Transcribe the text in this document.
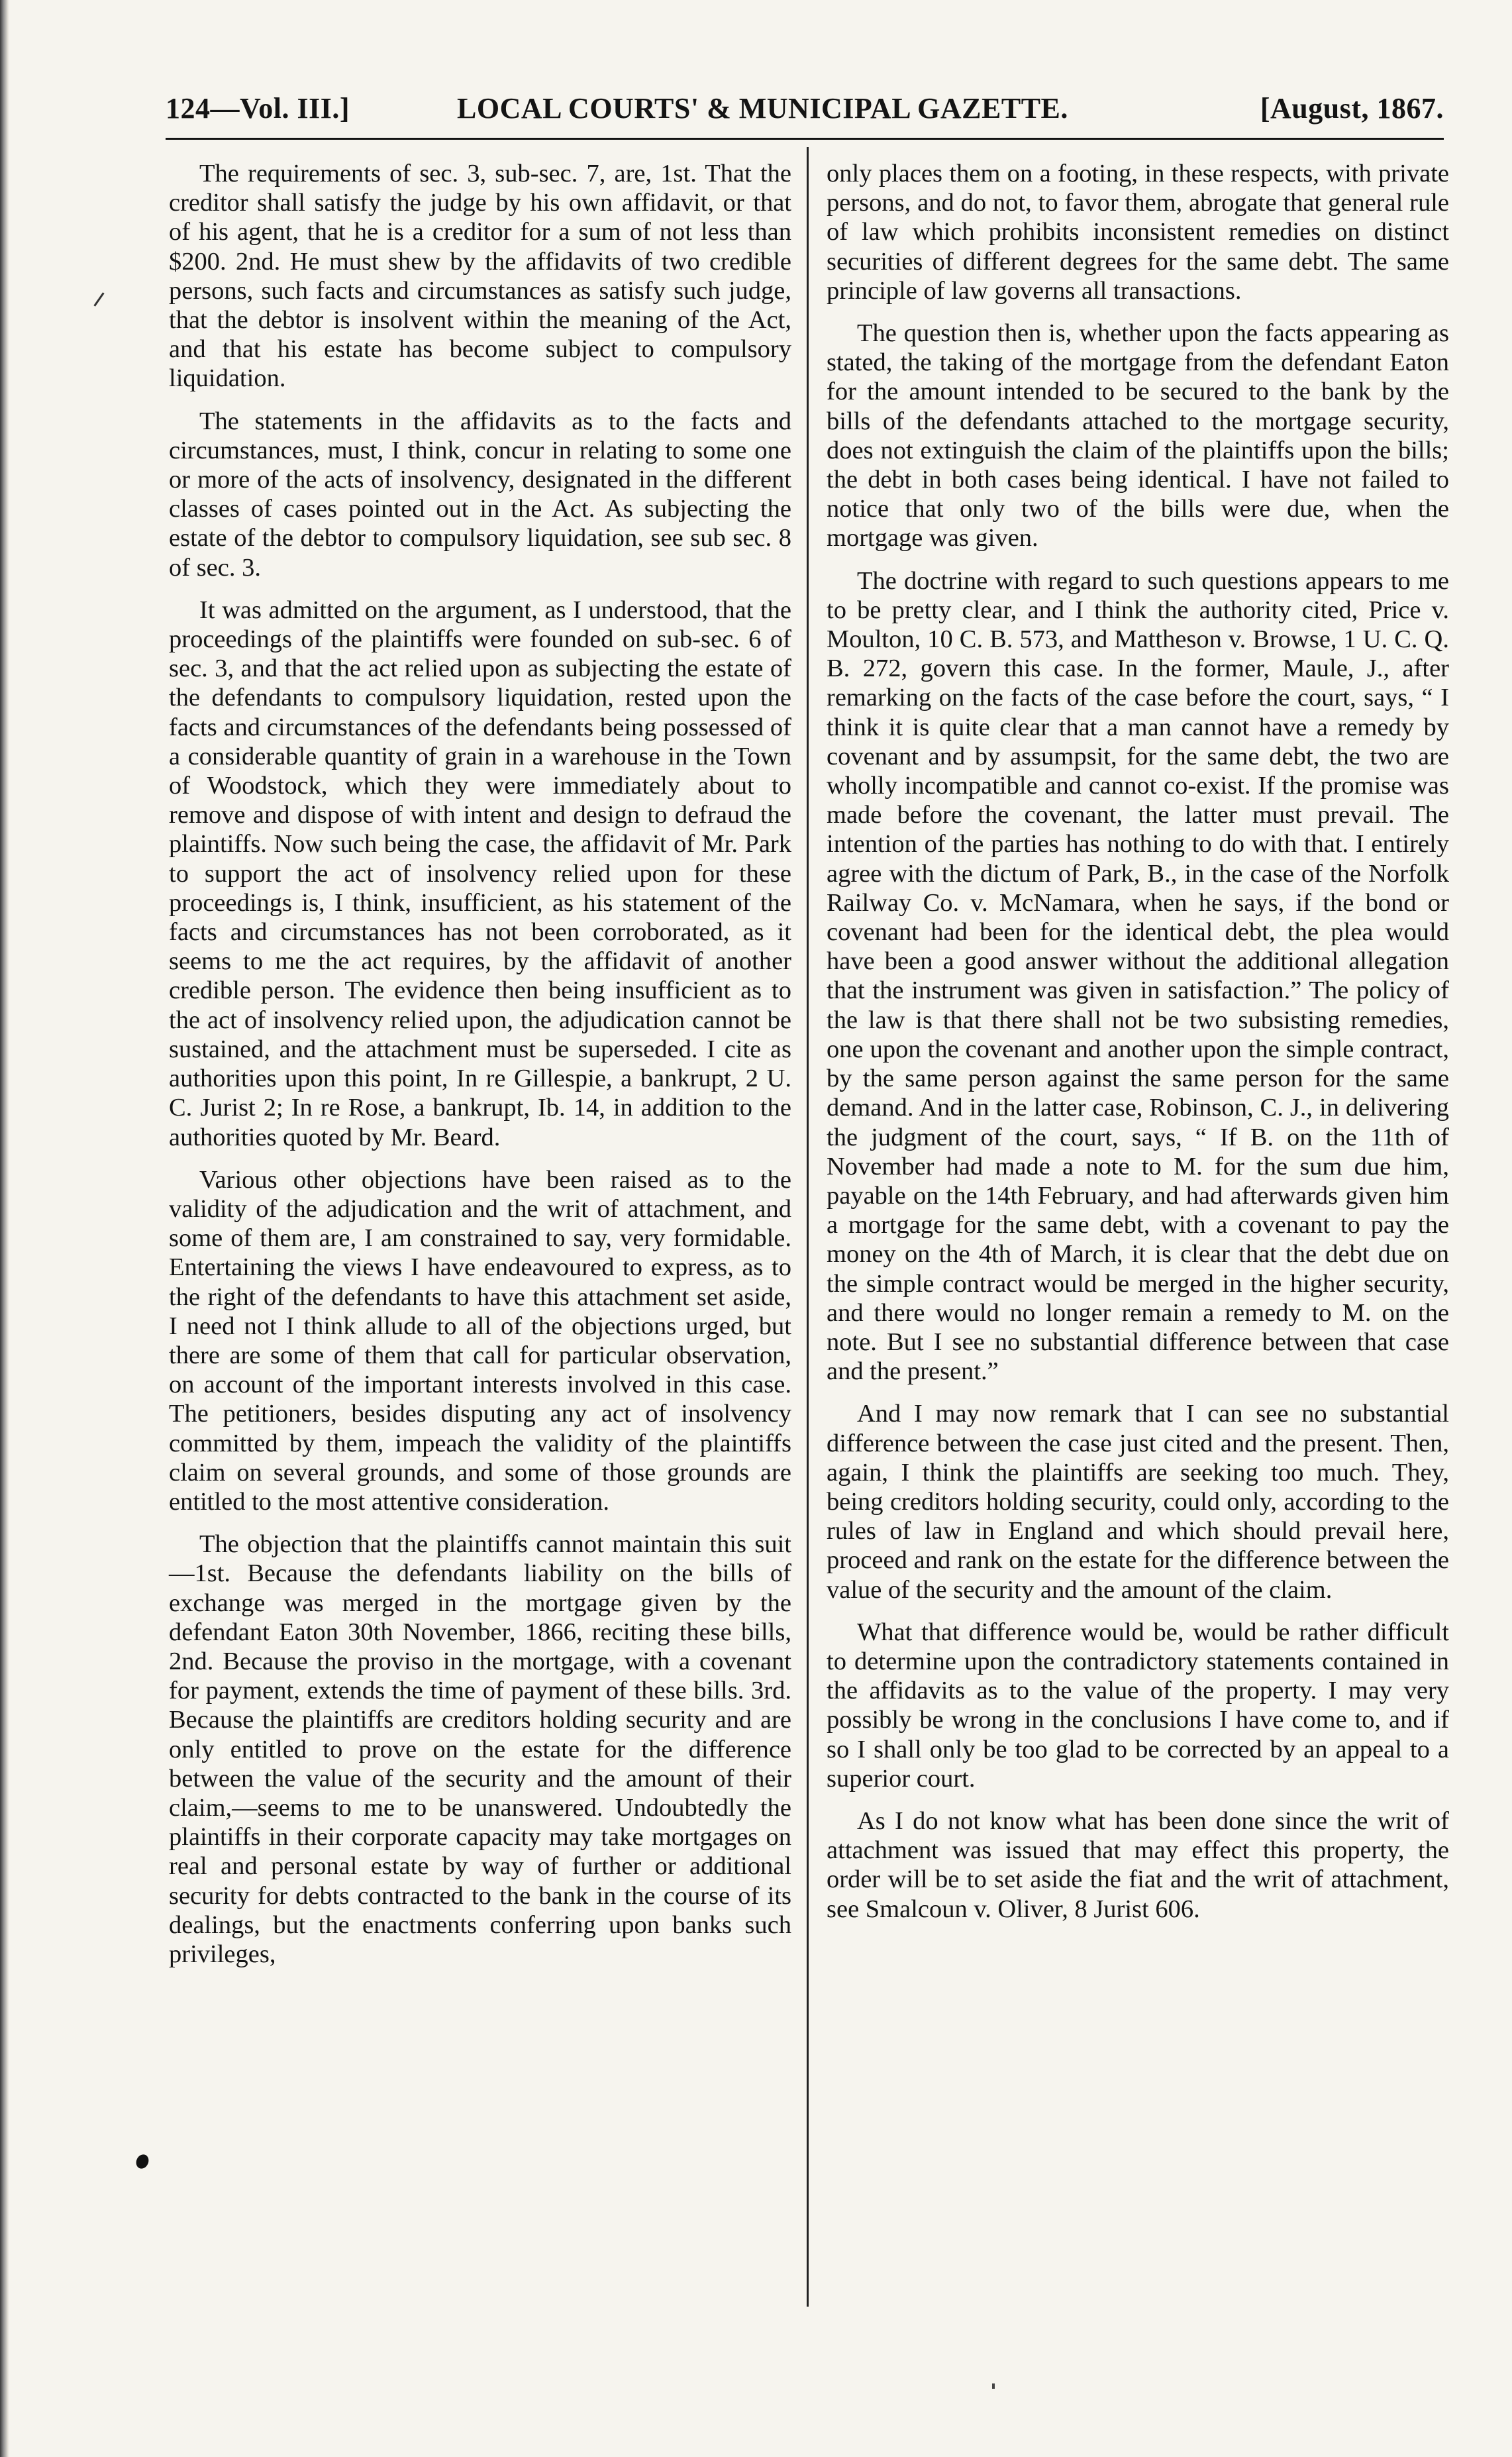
124—Vol. III.]	LOCAL COURTS' & MUNICIPAL GAZETTE.	[August, 1867.

The requirements of sec. 3, sub-sec. 7, are, 1st. That the creditor shall satisfy the judge by his own affidavit, or that of his agent, that he is a creditor for a sum of not less than $200. 2nd. He must shew by the affidavits of two credible persons, such facts and circumstances as satisfy such judge, that the debtor is insolvent within the meaning of the Act, and that his estate has become subject to compulsory liquidation.

The statements in the affidavits as to the facts and circumstances, must, I think, concur in relating to some one or more of the acts of insolvency, designated in the different classes of cases pointed out in the Act. As subjecting the estate of the debtor to compulsory liquidation, see sub sec. 8 of sec. 3.

It was admitted on the argument, as I understood, that the proceedings of the plaintiffs were founded on sub-sec. 6 of sec. 3, and that the act relied upon as subjecting the estate of the defendants to compulsory liquidation, rested upon the facts and circumstances of the defendants being possessed of a considerable quantity of grain in a warehouse in the Town of Woodstock, which they were immediately about to remove and dispose of with intent and design to defraud the plaintiffs. Now such being the case, the affidavit of Mr. Park to support the act of insolvency relied upon for these proceedings is, I think, insufficient, as his statement of the facts and circumstances has not been corroborated, as it seems to me the act requires, by the affidavit of another credible person. The evidence then being insufficient as to the act of insolvency relied upon, the adjudication cannot be sustained, and the attachment must be superseded. I cite as authorities upon this point, In re Gillespie, a bankrupt, 2 U. C. Jurist 2; In re Rose, a bankrupt, Ib. 14, in addition to the authorities quoted by Mr. Beard.

Various other objections have been raised as to the validity of the adjudication and the writ of attachment, and some of them are, I am constrained to say, very formidable. Entertaining the views I have endeavoured to express, as to the right of the defendants to have this attachment set aside, I need not I think allude to all of the objections urged, but there are some of them that call for particular observation, on account of the important interests involved in this case. The petitioners, besides disputing any act of insolvency committed by them, impeach the validity of the plaintiffs claim on several grounds, and some of those grounds are entitled to the most attentive consideration.

The objection that the plaintiffs cannot maintain this suit—1st. Because the defendants liability on the bills of exchange was merged in the mortgage given by the defendant Eaton 30th November, 1866, reciting these bills, 2nd. Because the proviso in the mortgage, with a covenant for payment, extends the time of payment of these bills. 3rd. Because the plaintiffs are creditors holding security and are only entitled to prove on the estate for the difference between the value of the security and the amount of their claim,—seems to me to be unanswered. Undoubtedly the plaintiffs in their corporate capacity may take mortgages on real and personal estate by way of further or additional security for debts contracted to the bank in the course of its dealings, but the enactments conferring upon banks such privileges,

only places them on a footing, in these respects, with private persons, and do not, to favor them, abrogate that general rule of law which prohibits inconsistent remedies on distinct securities of different degrees for the same debt. The same principle of law governs all transactions.

The question then is, whether upon the facts appearing as stated, the taking of the mortgage from the defendant Eaton for the amount intended to be secured to the bank by the bills of the defendants attached to the mortgage security, does not extinguish the claim of the plaintiffs upon the bills; the debt in both cases being identical. I have not failed to notice that only two of the bills were due, when the mortgage was given.

The doctrine with regard to such questions appears to me to be pretty clear, and I think the authority cited, Price v. Moulton, 10 C. B. 573, and Mattheson v. Browse, 1 U. C. Q. B. 272, govern this case. In the former, Maule, J., after remarking on the facts of the case before the court, says, “ I think it is quite clear that a man cannot have a remedy by covenant and by assumpsit, for the same debt, the two are wholly incompatible and cannot co-exist. If the promise was made before the covenant, the latter must prevail. The intention of the parties has nothing to do with that. I entirely agree with the dictum of Park, B., in the case of the Norfolk Railway Co. v. McNamara, when he says, if the bond or covenant had been for the identical debt, the plea would have been a good answer without the additional allegation that the instrument was given in satisfaction.” The policy of the law is that there shall not be two subsisting remedies, one upon the covenant and another upon the simple contract, by the same person against the same person for the same demand. And in the latter case, Robinson, C. J., in delivering the judgment of the court, says, “ If B. on the 11th of November had made a note to M. for the sum due him, payable on the 14th February, and had afterwards given him a mortgage for the same debt, with a covenant to pay the money on the 4th of March, it is clear that the debt due on the simple contract would be merged in the higher security, and there would no longer remain a remedy to M. on the note. But I see no substantial difference between that case and the present.”

And I may now remark that I can see no substantial difference between the case just cited and the present. Then, again, I think the plaintiffs are seeking too much. They, being creditors holding security, could only, according to the rules of law in England and which should prevail here, proceed and rank on the estate for the difference between the value of the security and the amount of the claim.

What that difference would be, would be rather difficult to determine upon the contradictory statements contained in the affidavits as to the value of the property. I may very possibly be wrong in the conclusions I have come to, and if so I shall only be too glad to be corrected by an appeal to a superior court.

As I do not know what has been done since the writ of attachment was issued that may effect this property, the order will be to set aside the fiat and the writ of attachment, see Smalcoun v. Oliver, 8 Jurist 606.
